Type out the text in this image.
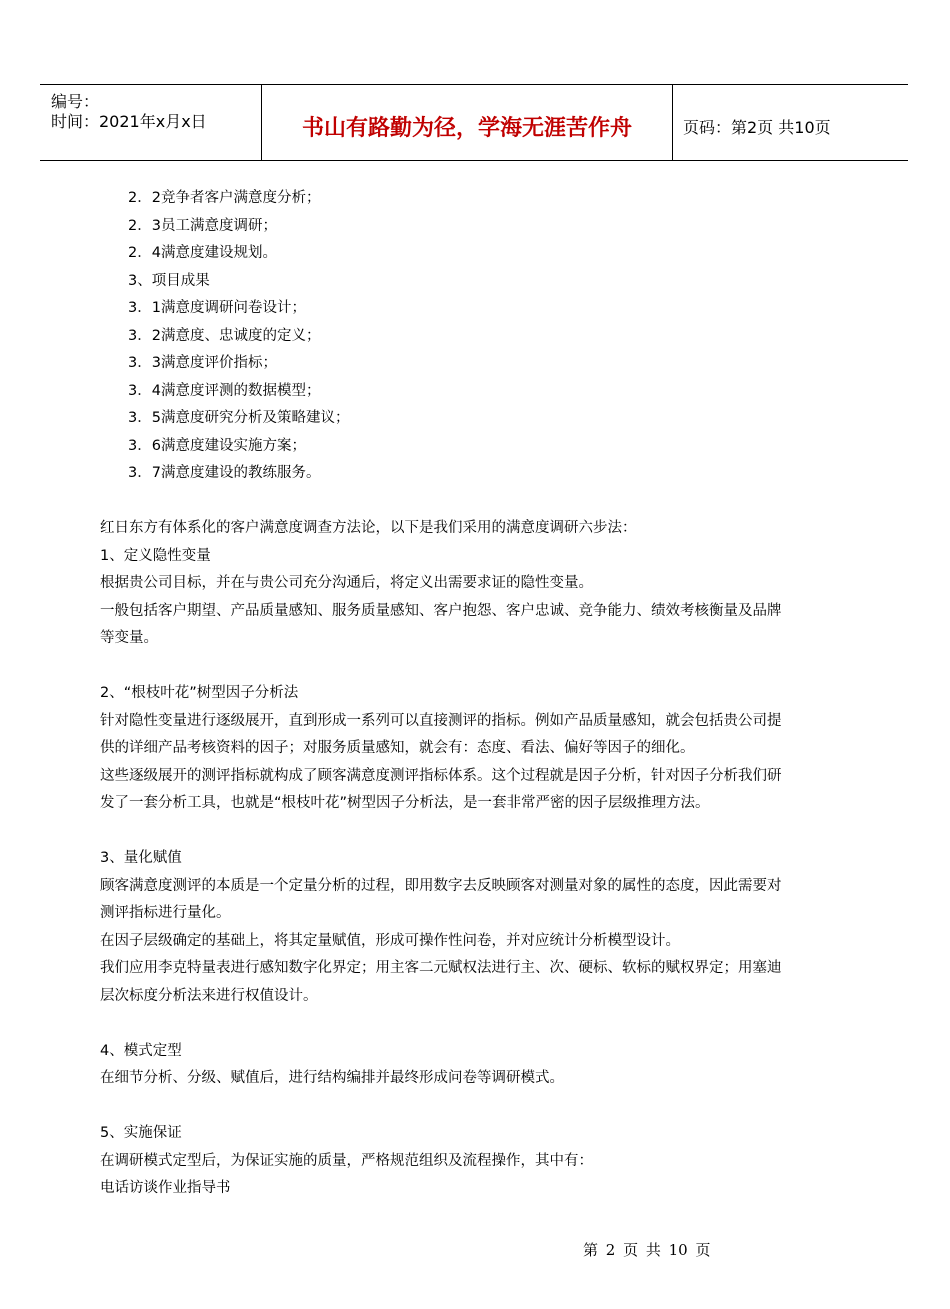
编号：
时间：2021年x月x日	书山有路勤为径，学海无涯苦作舟	页码：第2页 共10页
2．2竞争者客户满意度分析；
2．3员工满意度调研；
2．4满意度建设规划。
3、项目成果
3．1满意度调研问卷设计；
3．2满意度、忠诚度的定义；
3．3满意度评价指标；
3．4满意度评测的数据模型；
3．5满意度研究分析及策略建议；
3．6满意度建设实施方案；
3．7满意度建设的教练服务。
红日东方有体系化的客户满意度调查方法论，以下是我们采用的满意度调研六步法：
1、定义隐性变量
根据贵公司目标，并在与贵公司充分沟通后，将定义出需要求证的隐性变量。
一般包括客户期望、产品质量感知、服务质量感知、客户抱怨、客户忠诚、竞争能力、绩效考核衡量及品牌
等变量。
2、“根枝叶花”树型因子分析法
针对隐性变量进行逐级展开，直到形成一系列可以直接测评的指标。例如产品质量感知，就会包括贵公司提
供的详细产品考核资料的因子；对服务质量感知，就会有：态度、看法、偏好等因子的细化。
这些逐级展开的测评指标就构成了顾客满意度测评指标体系。这个过程就是因子分析，针对因子分析我们研
发了一套分析工具，也就是“根枝叶花”树型因子分析法，是一套非常严密的因子层级推理方法。
3、量化赋值
顾客满意度测评的本质是一个定量分析的过程，即用数字去反映顾客对测量对象的属性的态度，因此需要对
测评指标进行量化。
在因子层级确定的基础上，将其定量赋值，形成可操作性问卷，并对应统计分析模型设计。
我们应用李克特量表进行感知数字化界定；用主客二元赋权法进行主、次、硬标、软标的赋权界定；用塞迪
层次标度分析法来进行权值设计。
4、模式定型
在细节分析、分级、赋值后，进行结构编排并最终形成问卷等调研模式。
5、实施保证
在调研模式定型后，为保证实施的质量，严格规范组织及流程操作，其中有：
电话访谈作业指导书
第 2 页 共 10 页
